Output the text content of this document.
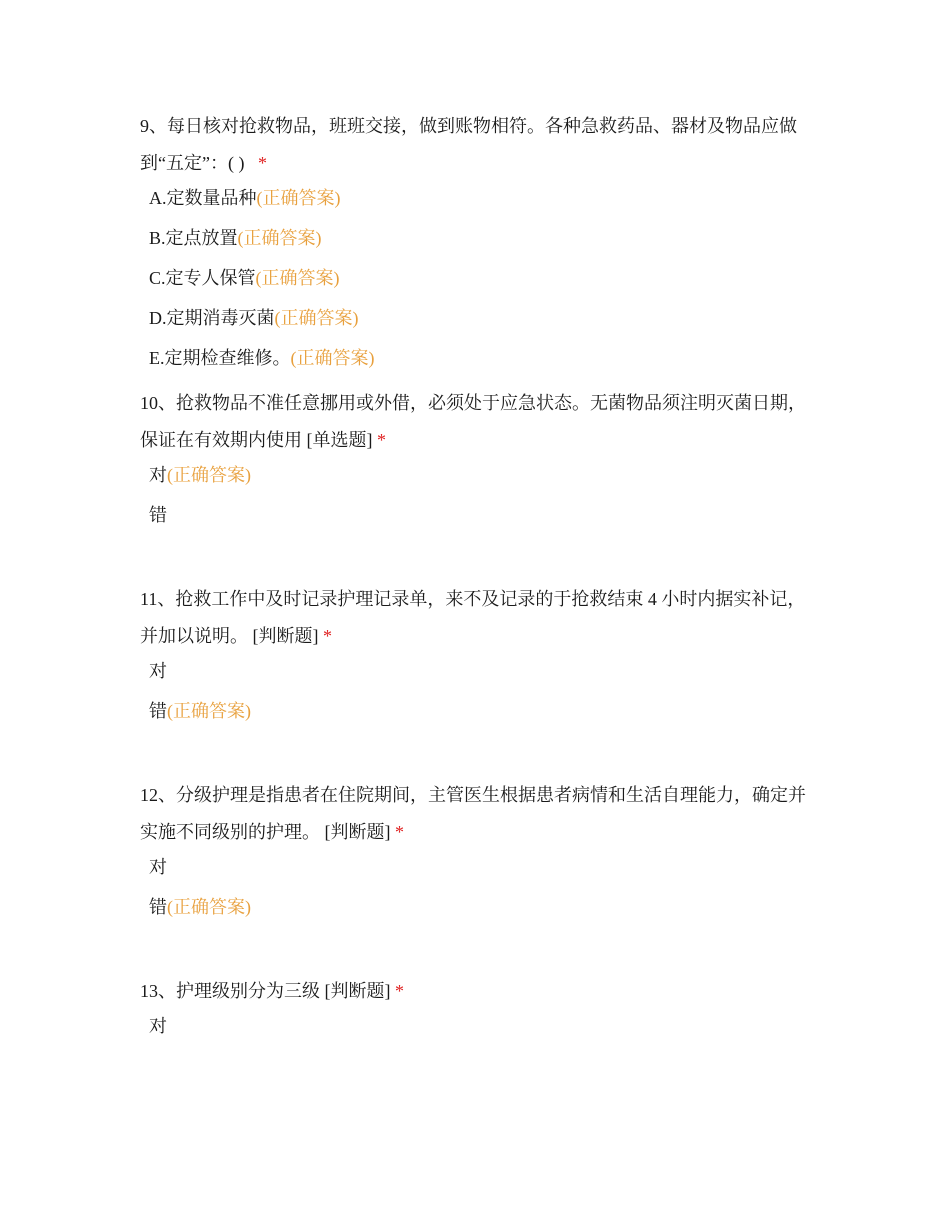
9、每日核对抢救物品，班班交接，做到账物相符。各种急救药品、器材及物品应做到“五定”：( ) *

A.定数量品种(正确答案)
B.定点放置(正确答案)
C.定专人保管(正确答案)
D.定期消毒灭菌(正确答案)
E.定期检查维修。(正确答案)

10、抢救物品不准任意挪用或外借，必须处于应急状态。无菌物品须注明灭菌日期，保证在有效期内使用 [单选题] *

对(正确答案)
错

11、抢救工作中及时记录护理记录单，来不及记录的于抢救结束 4 小时内据实补记，并加以说明。 [判断题] *

对
错(正确答案)

12、分级护理是指患者在住院期间，主管医生根据患者病情和生活自理能力，确定并实施不同级别的护理。 [判断题] *

对
错(正确答案)

13、护理级别分为三级 [判断题] *

对
